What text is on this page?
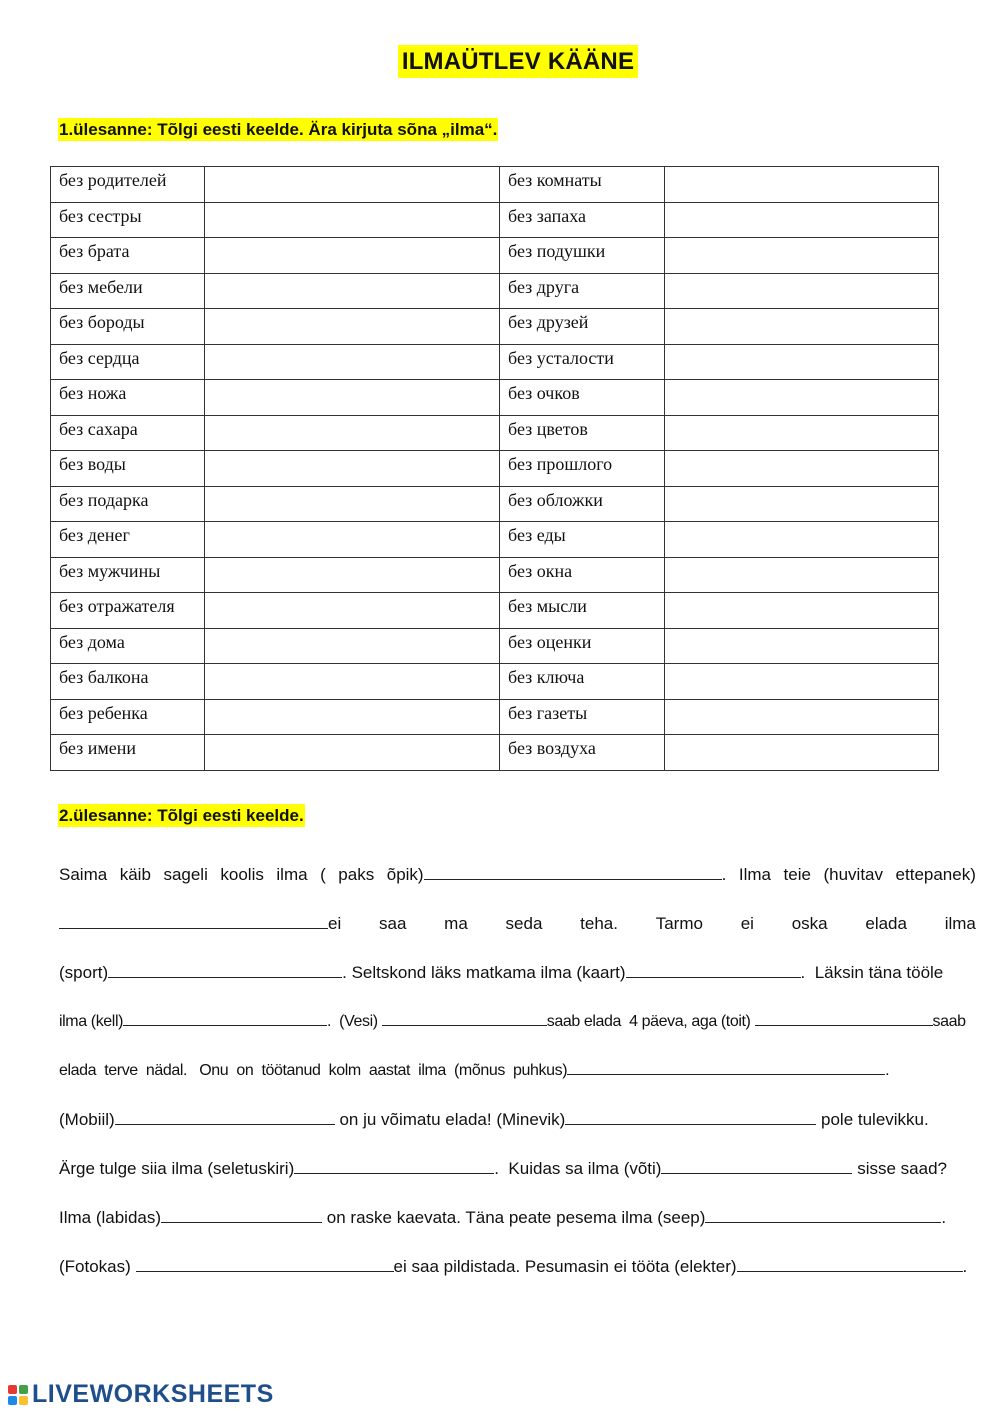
ILMAÜTLEV KÄÄNE
1.ülesanne: Tõlgi eesti keelde. Ära kirjuta sõna „ilma“.
без родителей		без комнаты	
без сестры		без запаха	
без брата		без подушки	
без мебели		без друга	
без бороды		без друзей	
без сердца		без усталости	
без ножа		без очков	
без сахара		без цветов	
без воды		без прошлого	
без подарка		без обложки	
без денег		без еды	
без мужчины		без окна	
без отражателя		без мысли	
без дома		без оценки	
без балкона		без ключа	
без ребенка		без газеты	
без имени		без воздуха	
2.ülesanne: Tõlgi eesti keelde.
Saima käib sageli koolis ilma ( paks õpik)	. Ilma teie (huvitav ettepanek)
ei saa ma seda teha. Tarmo ei oska elada ilma
(sport)	. Seltskond läks matkama ilma (kaart)	.  Läksin täna tööle
ilma (kell)	.  (Vesi)	saab elada  4 päeva, aga (toit)	saab
elada  terve  nädal.   Onu  on  töötanud  kolm  aastat  ilma  (mõnus  puhkus)	.
(Mobiil)	on ju võimatu elada! (Minevik)	pole tulevikku.
Ärge tulge siia ilma (seletuskiri)	.  Kuidas sa ilma (võti)	sisse saad?
Ilma (labidas)	on raske kaevata. Täna peate pesema ilma (seep)	.
(Fotokas)	ei saa pildistada. Pesumasin ei tööta (elekter)	.
LIVEWORKSHEETS
